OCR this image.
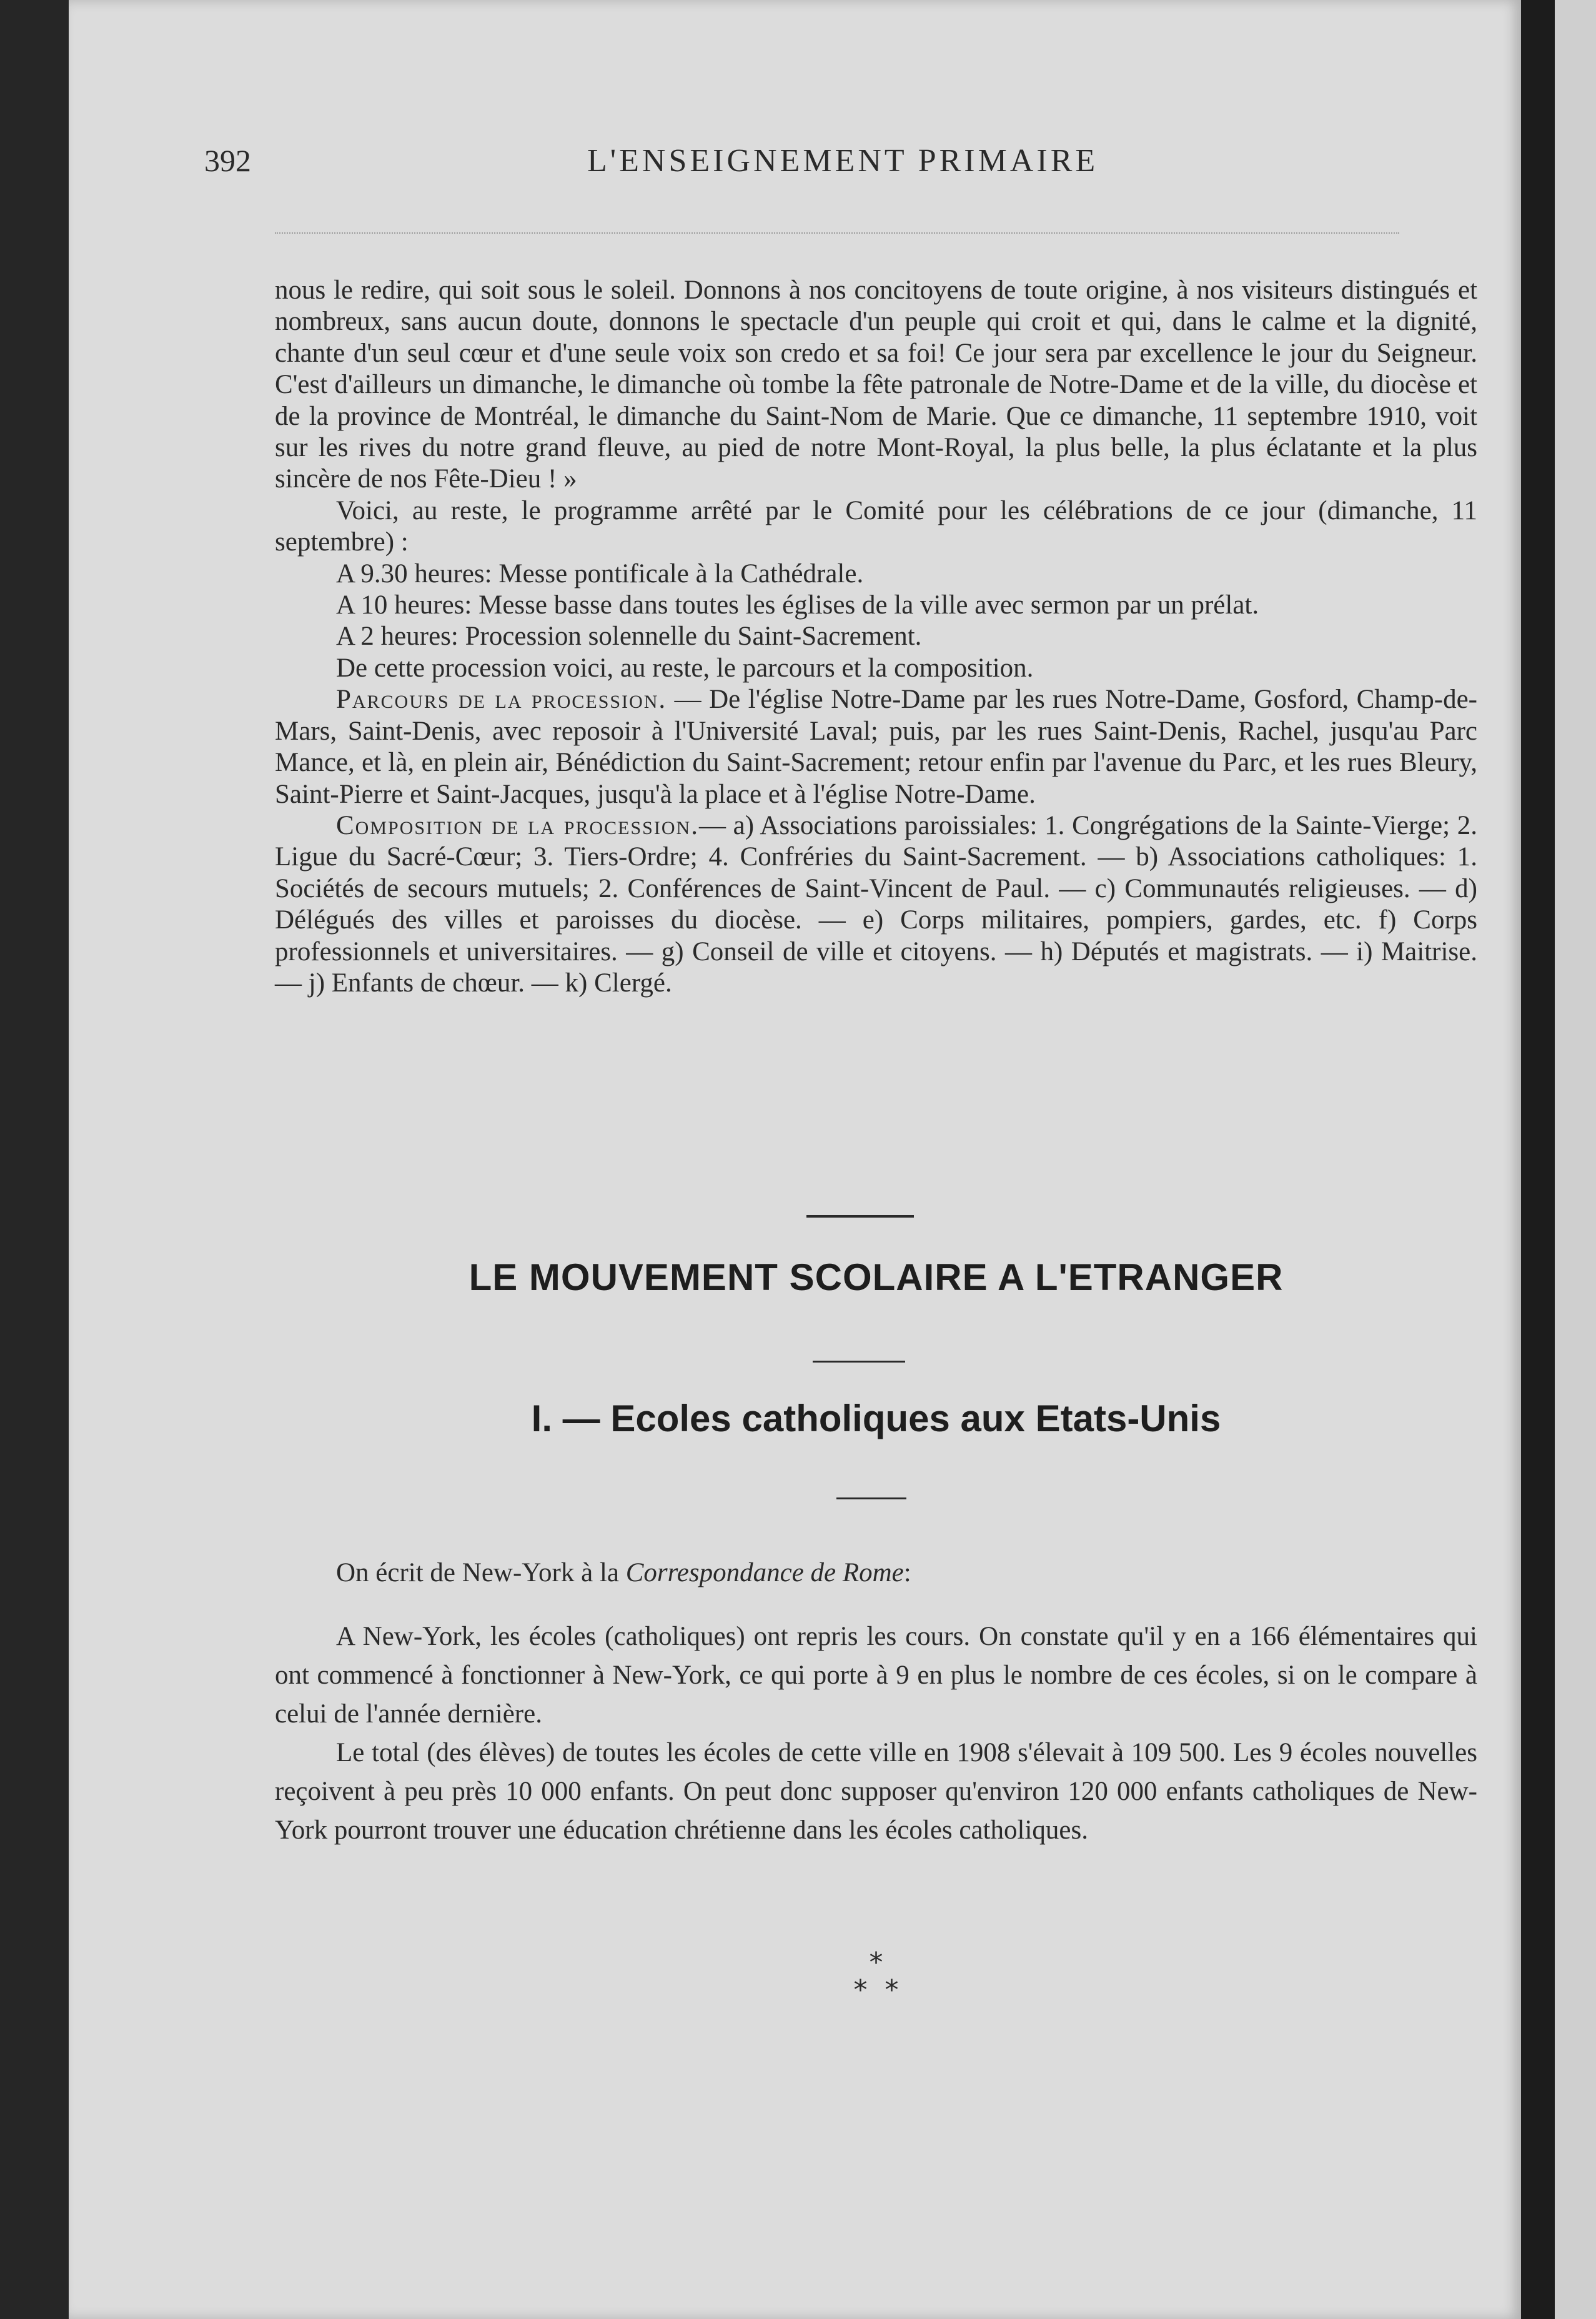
392	L'ENSEIGNEMENT PRIMAIRE

nous le redire, qui soit sous le soleil. Donnons à nos concitoyens de toute origine, à nos visiteurs distingués et nombreux, sans aucun doute, donnons le spectacle d'un peuple qui croit et qui, dans le calme et la dignité, chante d'un seul cœur et d'une seule voix son credo et sa foi! Ce jour sera par excellence le jour du Seigneur. C'est d'ailleurs un dimanche, le dimanche où tombe la fête patronale de Notre-Dame et de la ville, du diocèse et de la province de Montréal, le dimanche du Saint-Nom de Marie. Que ce dimanche, 11 septembre 1910, voit sur les rives du notre grand fleuve, au pied de notre Mont-Royal, la plus belle, la plus éclatante et la plus sincère de nos Fête-Dieu ! »

Voici, au reste, le programme arrêté par le Comité pour les célébrations de ce jour (dimanche, 11 septembre) :

A 9.30 heures: Messe pontificale à la Cathédrale.

A 10 heures: Messe basse dans toutes les églises de la ville avec sermon par un prélat.

A 2 heures: Procession solennelle du Saint-Sacrement.

De cette procession voici, au reste, le parcours et la composition.

Parcours de la procession. — De l'église Notre-Dame par les rues Notre-Dame, Gosford, Champ-de-Mars, Saint-Denis, avec reposoir à l'Université Laval; puis, par les rues Saint-Denis, Rachel, jusqu'au Parc Mance, et là, en plein air, Bénédiction du Saint-Sacrement; retour enfin par l'avenue du Parc, et les rues Bleury, Saint-Pierre et Saint-Jacques, jusqu'à la place et à l'église Notre-Dame.

Composition de la procession.— a) Associations paroissiales: 1. Congrégations de la Sainte-Vierge; 2. Ligue du Sacré-Cœur; 3. Tiers-Ordre; 4. Confréries du Saint-Sacrement. — b) Associations catholiques: 1. Sociétés de secours mutuels; 2. Conférences de Saint-Vincent de Paul. — c) Communautés religieuses. — d) Délégués des villes et paroisses du diocèse. — e) Corps militaires, pompiers, gardes, etc. f) Corps professionnels et universitaires. — g) Conseil de ville et citoyens. — h) Députés et magistrats. — i) Maitrise. — j) Enfants de chœur. — k) Clergé.

LE MOUVEMENT SCOLAIRE A L'ETRANGER
I. — Ecoles catholiques aux Etats-Unis

On écrit de New-York à la Correspondance de Rome:

A New-York, les écoles (catholiques) ont repris les cours. On constate qu'il y en a 166 élémentaires qui ont commencé à fonctionner à New-York, ce qui porte à 9 en plus le nombre de ces écoles, si on le compare à celui de l'année dernière.

Le total (des élèves) de toutes les écoles de cette ville en 1908 s'élevait à 109 500. Les 9 écoles nouvelles reçoivent à peu près 10 000 enfants. On peut donc supposer qu'environ 120 000 enfants catholiques de New-York pourront trouver une éducation chrétienne dans les écoles catholiques.

*
*  *
